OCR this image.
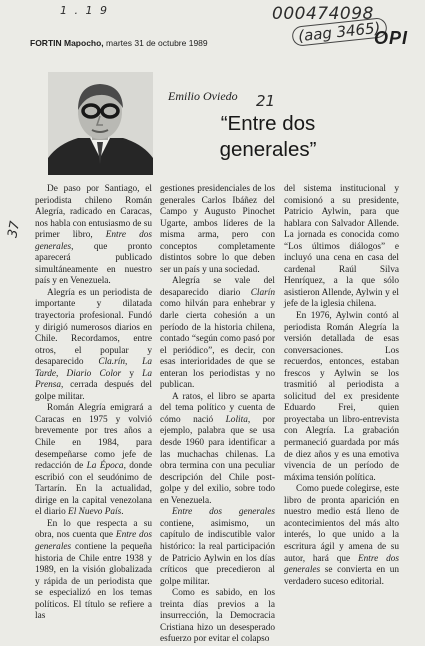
1 . 1 9	000474098
(aag 3465)
37
21
FORTIN Mapocho, martes 31 de octubre 1989	OPI
Emilio Oviedo
“Entre dos
generales”

De paso por Santiago, el periodista chileno Román Alegría, radicado en Caracas, nos habla con entusiasmo de su primer libro, Entre dos generales, que pronto aparecerá publicado simultáneamente en nuestro país y en Venezuela.

Alegría es un periodista de importante y dilatada trayectoria profesional. Fundó y dirigió numerosos diarios en Chile. Recordamos, entre otros, el popular y desaparecido Cla.rín, La Tarde, Diario Color y La Prensa, cerrada después del golpe militar.

Román Alegría emigrará a Caracas en 1975 y volvió brevemente por tres años a Chile en 1984, para desempeñarse como jefe de redacción de La Época, donde escribió con el seudónimo de Tartarín. En la actualidad, dirige en la capital venezolana el diario El Nuevo País.

En lo que respecta a su obra, nos cuenta que Entre dos generales contiene la pequeña historia de Chile entre 1938 y 1989, en la visión globalizada y rápida de un periodista que se especializó en los temas políticos. El título se refiere a las

gestiones presidenciales de los generales Carlos Ibáñez del Campo y Augusto Pinochet Ugarte, ambos líderes de la misma arma, pero con conceptos completamente distintos sobre lo que deben ser un país y una sociedad.

Alegría se vale del desaparecido diario Clarín como hilván para enhebrar y darle cierta cohesión a un período de la historia chilena, contado “según como pasó por el periódico”, es decir, con esas interioridades de que se enteran los periodistas y no publican.

A ratos, el libro se aparta del tema político y cuenta de cómo nació Lolita, por ejemplo, palabra que se usa desde 1960 para identificar a las muchachas chilenas. La obra termina con una peculiar descripción del Chile post-golpe y del exilio, sobre todo en Venezuela.

Entre dos generales contiene, asimismo, un capítulo de indiscutible valor histórico: la real participación de Patricio Aylwin en los días críticos que precedieron al golpe militar.

Como es sabido, en los treinta días previos a la insurrección, la Democracia Cristiana hizo un desesperado esfuerzo por evitar el colapso

del sistema institucional y comisionó a su presidente, Patricio Aylwin, para que hablara con Salvador Allende. La jornada es conocida como “Los últimos diálogos” e incluyó una cena en casa del cardenal Raúl Silva Henríquez, a la que sólo asistieron Allende, Aylwin y el jefe de la iglesia chilena.

En 1976, Aylwin contó al periodista Román Alegría la versión detallada de esas conversaciones. Los recuerdos, entonces, estaban frescos y Aylwin se los trasmitió al periodista a solicitud del ex presidente Eduardo Frei, quien proyectaba un libro-entrevista con Alegría. La grabación permaneció guardada por más de diez años y es una emotiva vivencia de un período de máxima tensión política.

Como puede colegirse, este libro de pronta aparición en nuestro medio está lleno de acontecimientos del más alto interés, lo que unido a la escritura ágil y amena de su autor, hará que Entre dos generales se convierta en un verdadero suceso editorial.
